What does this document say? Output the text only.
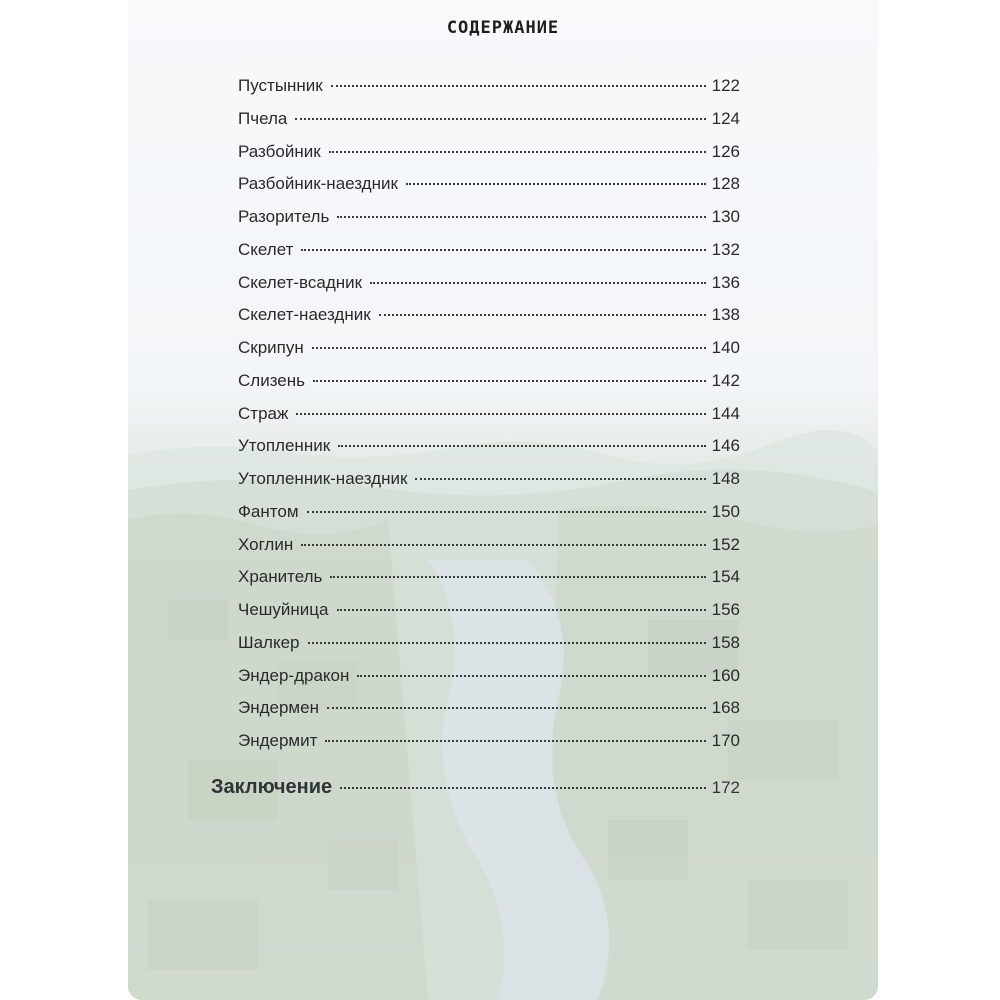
СОДЕРЖАНИЕ
Пустынник	122
Пчела	124
Разбойник	126
Разбойник-наездник	128
Разоритель	130
Скелет	132
Скелет-всадник	136
Скелет-наездник	138
Скрипун	140
Слизень	142
Страж	144
Утопленник	146
Утопленник-наездник	148
Фантом	150
Хоглин	152
Хранитель	154
Чешуйница	156
Шалкер	158
Эндер-дракон	160
Эндермен	168
Эндермит	170
Заключение	172
